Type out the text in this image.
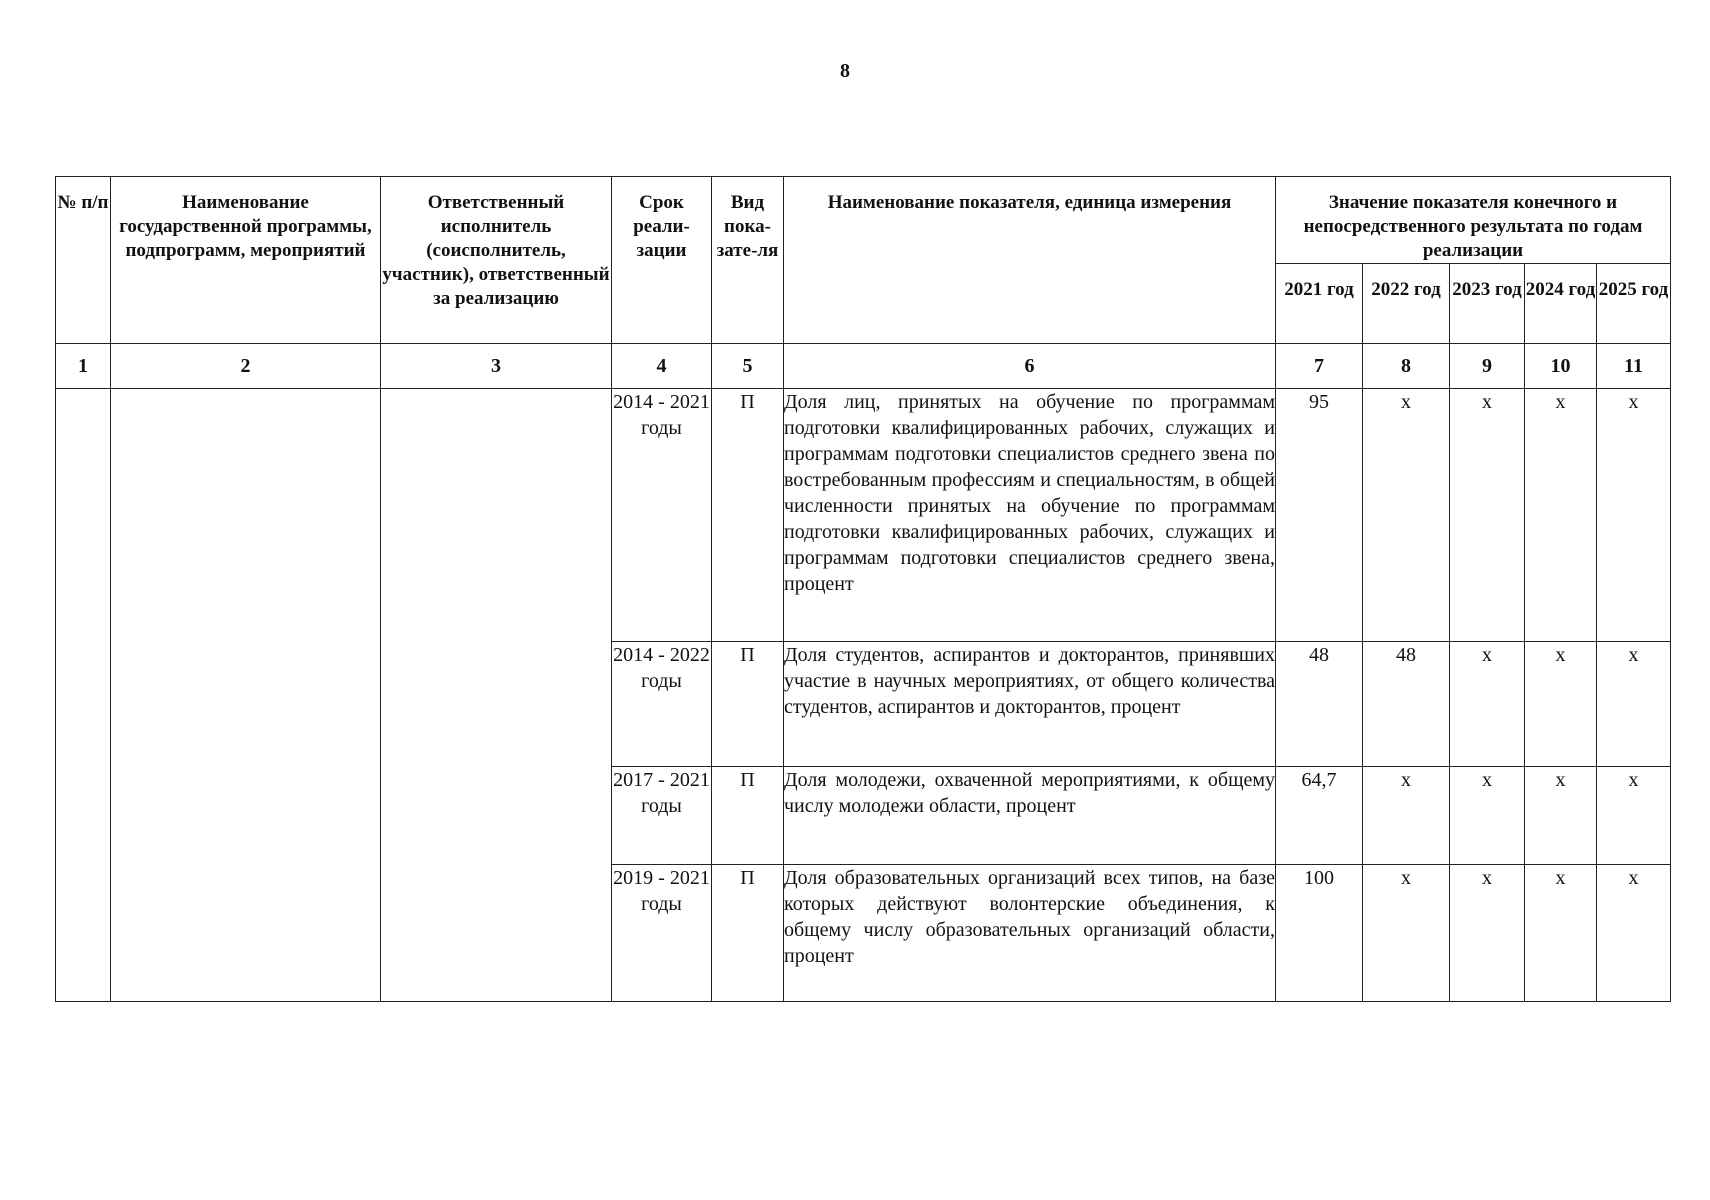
8
№ п/п	Наименование государственной программы, подпрограмм, мероприятий	Ответственный исполнитель (соисполнитель, участник), ответственный за реализацию	Срок реали-зации	Вид пока-зате-ля	Наименование показателя, единица измерения	Значение показателя конечного и непосредственного результата по годам реализации				
						2021 год	2022 год	2023 год	2024 год	2025 год
1	2	3	4	5	6	7	8	9	10	11
			2014 - 2021 годы	П	Доля лиц, принятых на обучение по программам подготовки квалифицированных рабочих, служащих и программам подготовки специалистов среднего звена по востребованным профессиям и специальностям, в общей численности принятых на обучение по программам подготовки квалифицированных рабочих, служащих и программам подготовки специалистов среднего звена, процент	95	х	х	х	х
			2014 - 2022 годы	П	Доля студентов, аспирантов и докторантов, принявших участие в научных мероприятиях, от общего количества студентов, аспирантов и докторантов, процент	48	48	х	х	х
			2017 - 2021 годы	П	Доля молодежи, охваченной мероприятиями, к общему числу молодежи области, процент	64,7	х	х	х	х
			2019 - 2021 годы	П	Доля образовательных организаций всех типов, на базе которых действуют волонтерские объединения, к общему числу образовательных организаций области, процент	100	х	х	х	х
